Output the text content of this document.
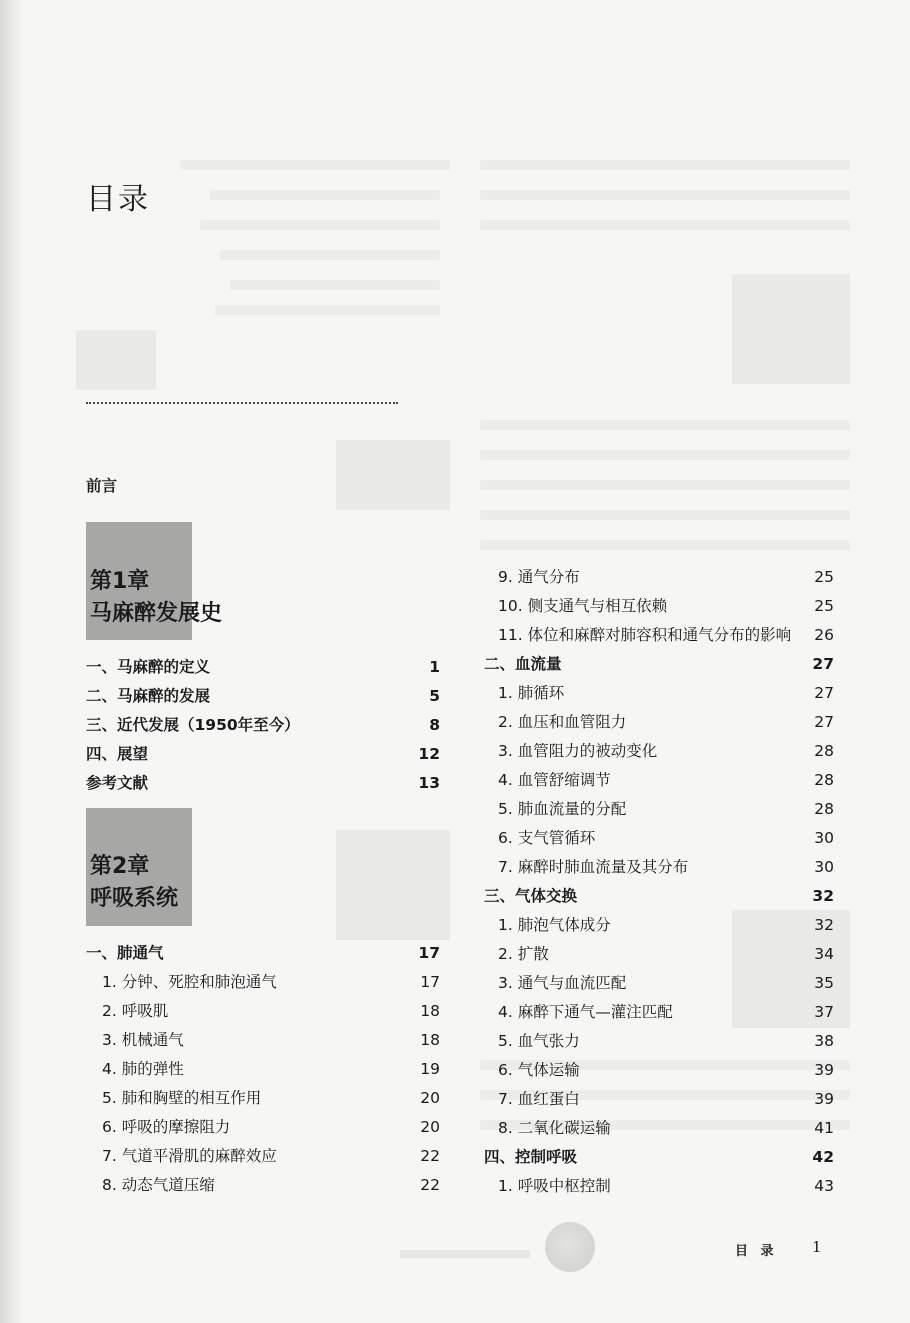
目录
前言
第1章
马麻醉发展史
第2章
呼吸系统
一、马麻醉的定义	1
二、马麻醉的发展	5
三、近代发展（1950年至今）	8
四、展望	12
参考文献	13
一、肺通气	17
1. 分钟、死腔和肺泡通气	17
2. 呼吸肌	18
3. 机械通气	18
4. 肺的弹性	19
5. 肺和胸壁的相互作用	20
6. 呼吸的摩擦阻力	20
7. 气道平滑肌的麻醉效应	22
8. 动态气道压缩	22
9. 通气分布	25
10. 侧支通气与相互依赖	25
11. 体位和麻醉对肺容积和通气分布的影响 26
二、血流量	27
1. 肺循环	27
2. 血压和血管阻力	27
3. 血管阻力的被动变化	28
4. 血管舒缩调节	28
5. 肺血流量的分配	28
6. 支气管循环	30
7. 麻醉时肺血流量及其分布	30
三、气体交换	32
1. 肺泡气体成分	32
2. 扩散	34
3. 通气与血流匹配	35
4. 麻醉下通气—灌注匹配	37
5. 血气张力	38
6. 气体运输	39
7. 血红蛋白	39
8. 二氧化碳运输	41
四、控制呼吸	42
1. 呼吸中枢控制	43
目 录 1
